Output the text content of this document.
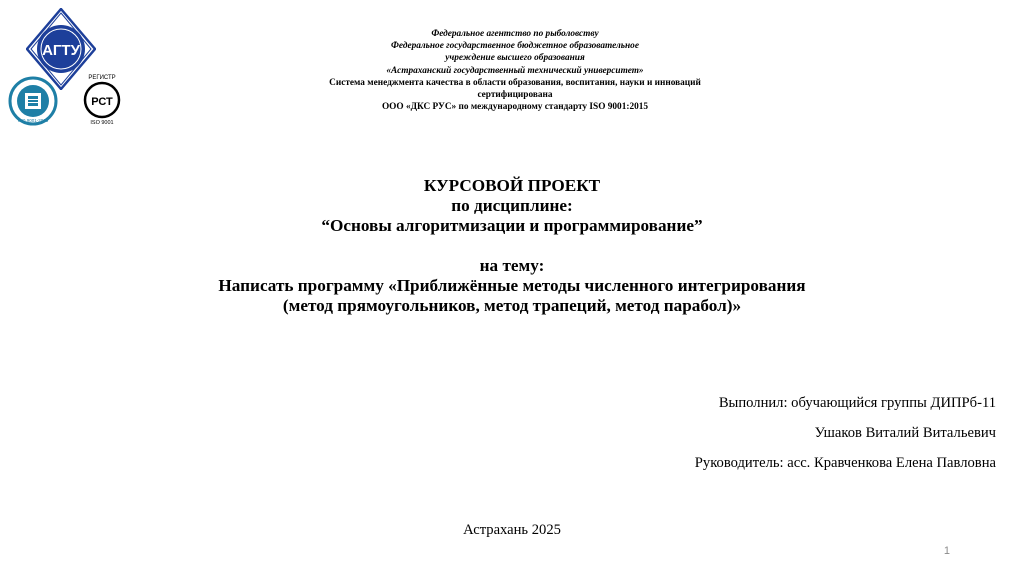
АГТУ
ISO 9001-2015
РЕГИСТР
РСТ
ISO 9001
Федеральное агентство по рыболовству
Федеральное государственное бюджетное образовательное
учреждение высшего образования
«Астраханский государственный технический университет»
Система менеджмента качества в области образования, воспитания, науки и инноваций
сертифицирована
ООО «ДКС РУС» по международному стандарту ISO 9001:2015
КУРСОВОЙ ПРОЕКТ
по дисциплине:
“Основы алгоритмизации и программирование”
на тему:
Написать программу «Приближённые методы численного интегрирования
(метод прямоугольников, метод трапеций, метод парабол)»
Выполнил: обучающийся группы ДИПРб-11
Ушаков Виталий Витальевич
Руководитель: асс. Кравченкова Елена Павловна
Астрахань 2025
1
